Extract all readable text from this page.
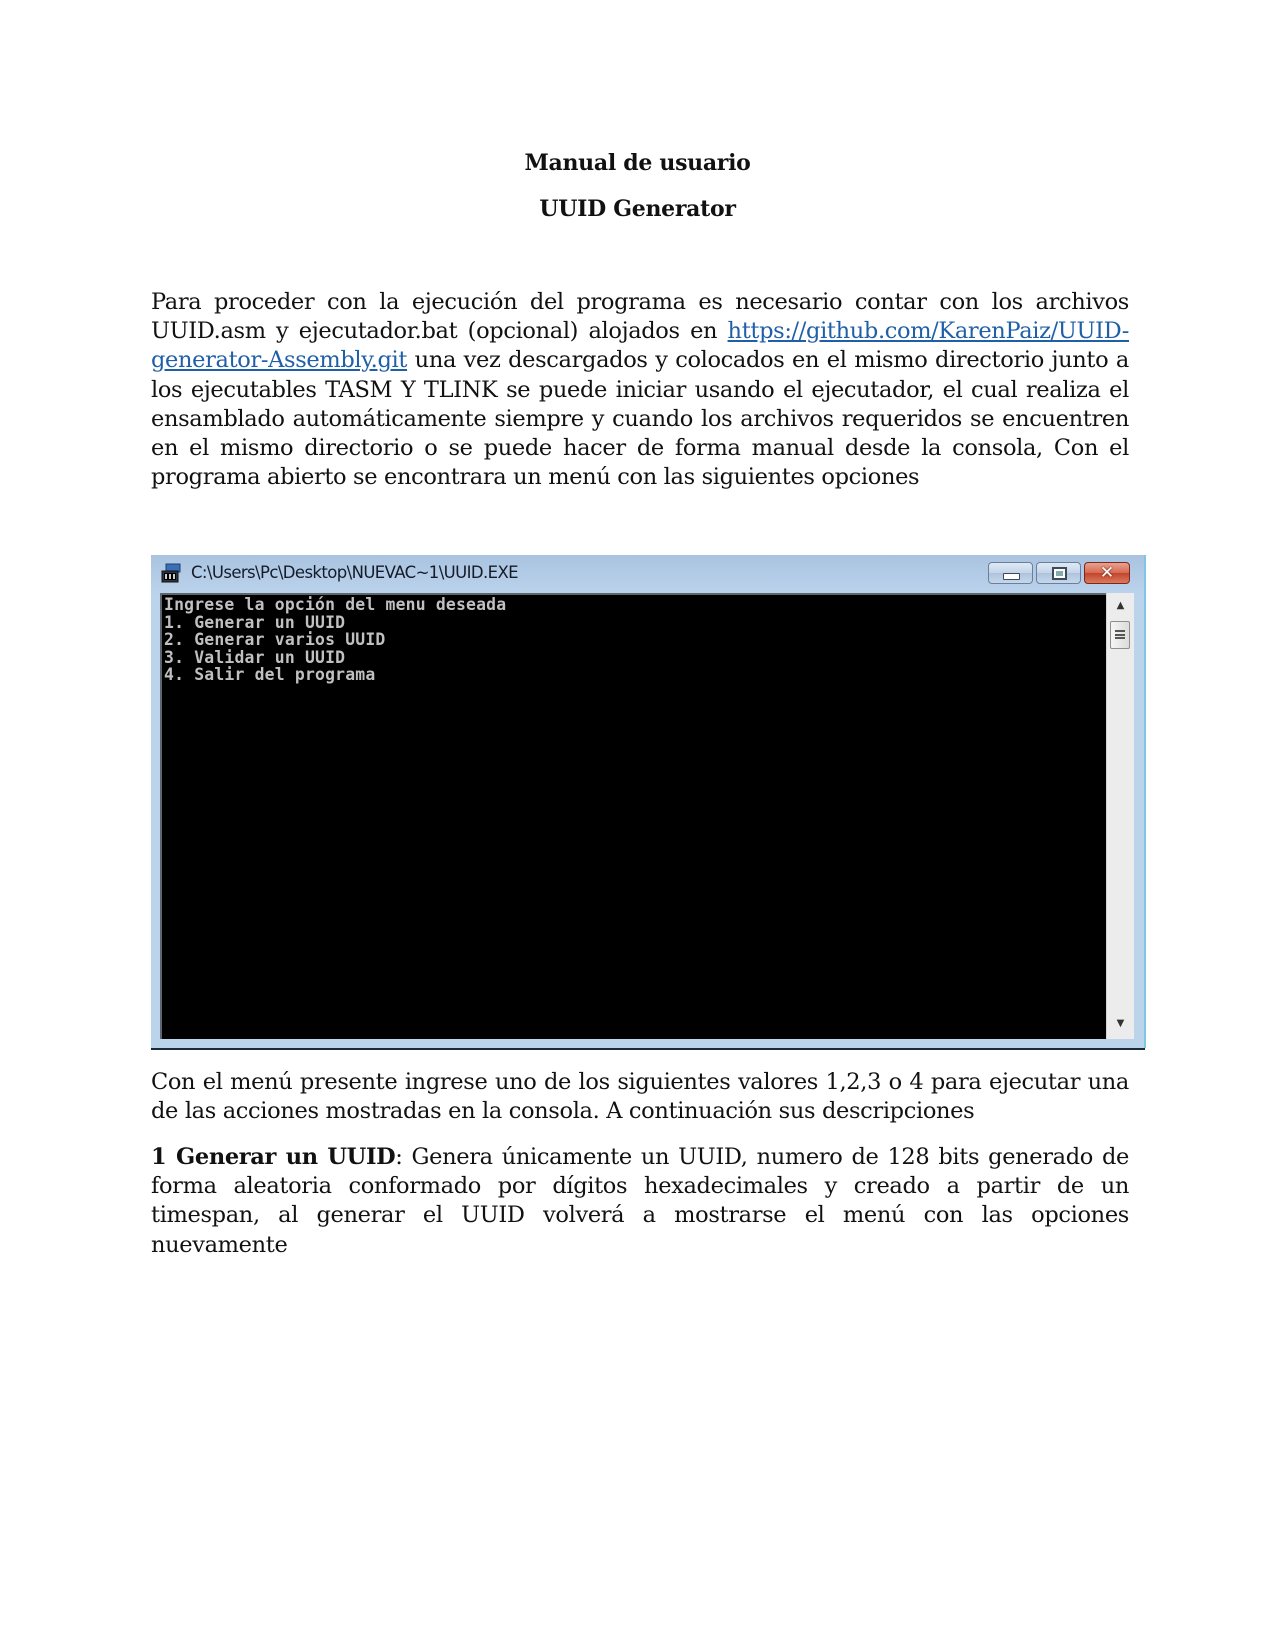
Manual de usuario
UUID Generator
Para proceder con la ejecución del programa es necesario contar con los archivos UUID.asm y ejecutador.bat (opcional) alojados en https://github.com/KarenPaiz/UUID-generator-Assembly.git una vez descargados y colocados en el mismo directorio junto a los ejecutables TASM Y TLINK se puede iniciar usando el ejecutador, el cual realiza el ensamblado automáticamente siempre y cuando los archivos requeridos se encuentren en el mismo directorio o se puede hacer de forma manual desde la consola, Con el programa abierto se encontrara un menú con las siguientes opciones
C:\Users\Pc\Desktop\NUEVAC~1\UUID.EXE	✕
Ingrese la opción del menu deseada
1. Generar un UUID
2. Generar varios UUID
3. Validar un UUID
4. Salir del programa
▲
▼
Con el menú presente ingrese uno de los siguientes valores 1,2,3 o 4 para ejecutar una de las acciones mostradas en la consola. A continuación sus descripciones
1 Generar un UUID: Genera únicamente un UUID, numero de 128 bits generado de forma aleatoria conformado por dígitos hexadecimales y creado a partir de un timespan, al generar el UUID volverá a mostrarse el menú con las opciones nuevamente
